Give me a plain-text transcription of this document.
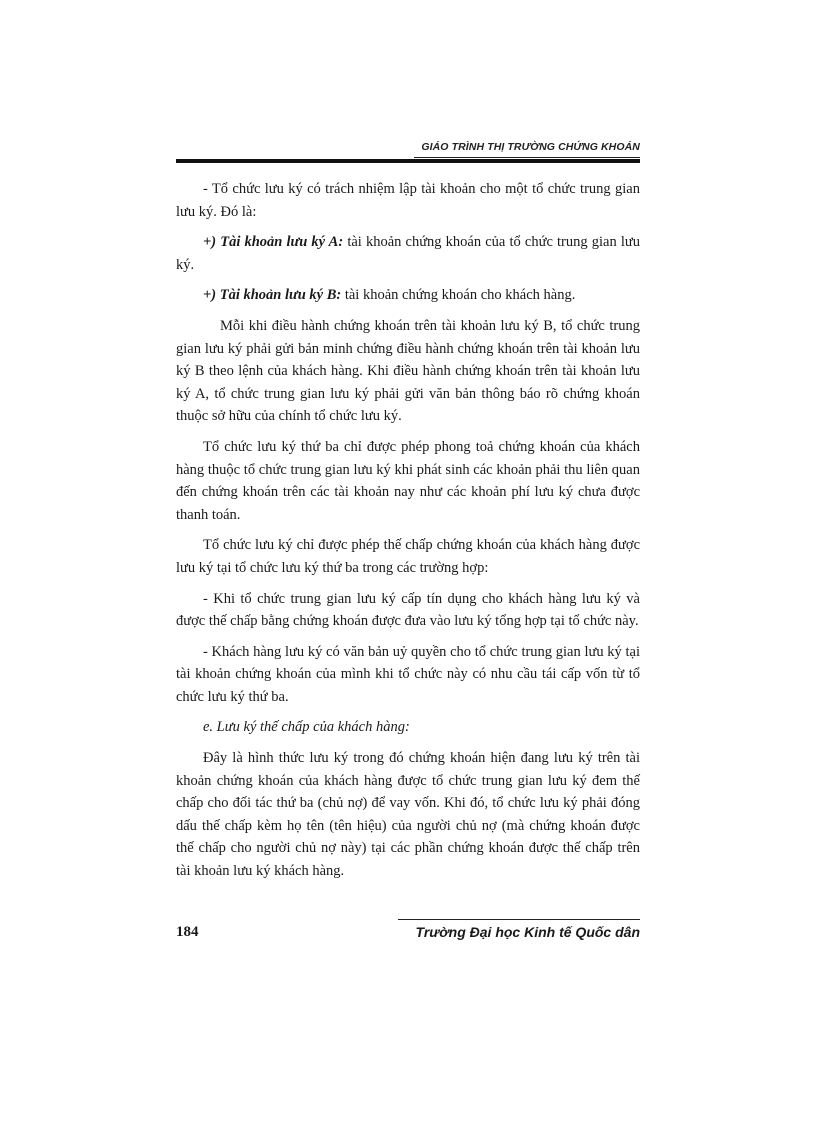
GIÁO TRÌNH THỊ TRƯỜNG CHỨNG KHOÁN

- Tổ chức lưu ký có trách nhiệm lập tài khoản cho một tổ chức trung gian lưu ký. Đó là:

+) Tài khoản lưu ký A: tài khoản chứng khoán của tổ chức trung gian lưu ký.

+) Tài khoản lưu ký B: tài khoản chứng khoán cho khách hàng.

Mỗi khi điều hành chứng khoán trên tài khoản lưu ký B, tổ chức trung gian lưu ký phải gửi bản minh chứng điều hành chứng khoán trên tài khoản lưu ký B theo lệnh của khách hàng. Khi điều hành chứng khoán trên tài khoản lưu ký A, tổ chức trung gian lưu ký phải gửi văn bản thông báo rõ chứng khoán thuộc sở hữu của chính tổ chức lưu ký.

Tổ chức lưu ký thứ ba chỉ được phép phong toả chứng khoán của khách hàng thuộc tổ chức trung gian lưu ký khi phát sinh các khoản phải thu liên quan đến chứng khoán trên các tài khoản nay như các khoản phí lưu ký chưa được thanh toán.

Tổ chức lưu ký chỉ được phép thế chấp chứng khoán của khách hàng được lưu ký tại tổ chức lưu ký thứ ba trong các trường hợp:

- Khi tổ chức trung gian lưu ký cấp tín dụng cho khách hàng lưu ký và được thế chấp bằng chứng khoán được đưa vào lưu ký tổng hợp tại tổ chức này.

- Khách hàng lưu ký có văn bản uỷ quyền cho tổ chức trung gian lưu ký tại tài khoản chứng khoán của mình khi tổ chức này có nhu cầu tái cấp vốn từ tổ chức lưu ký thứ ba.

e. Lưu ký thế chấp của khách hàng:

Đây là hình thức lưu ký trong đó chứng khoán hiện đang lưu ký trên tài khoản chứng khoán của khách hàng được tổ chức trung gian lưu ký đem thế chấp cho đối tác thứ ba (chủ nợ) để vay vốn. Khi đó, tổ chức lưu ký phải đóng dấu thế chấp kèm họ tên (tên hiệu) của người chủ nợ (mà chứng khoán được thế chấp cho người chủ nợ này) tại các phần chứng khoán được thế chấp trên tài khoản lưu ký khách hàng.

184	Trường Đại học Kinh tế Quốc dân
